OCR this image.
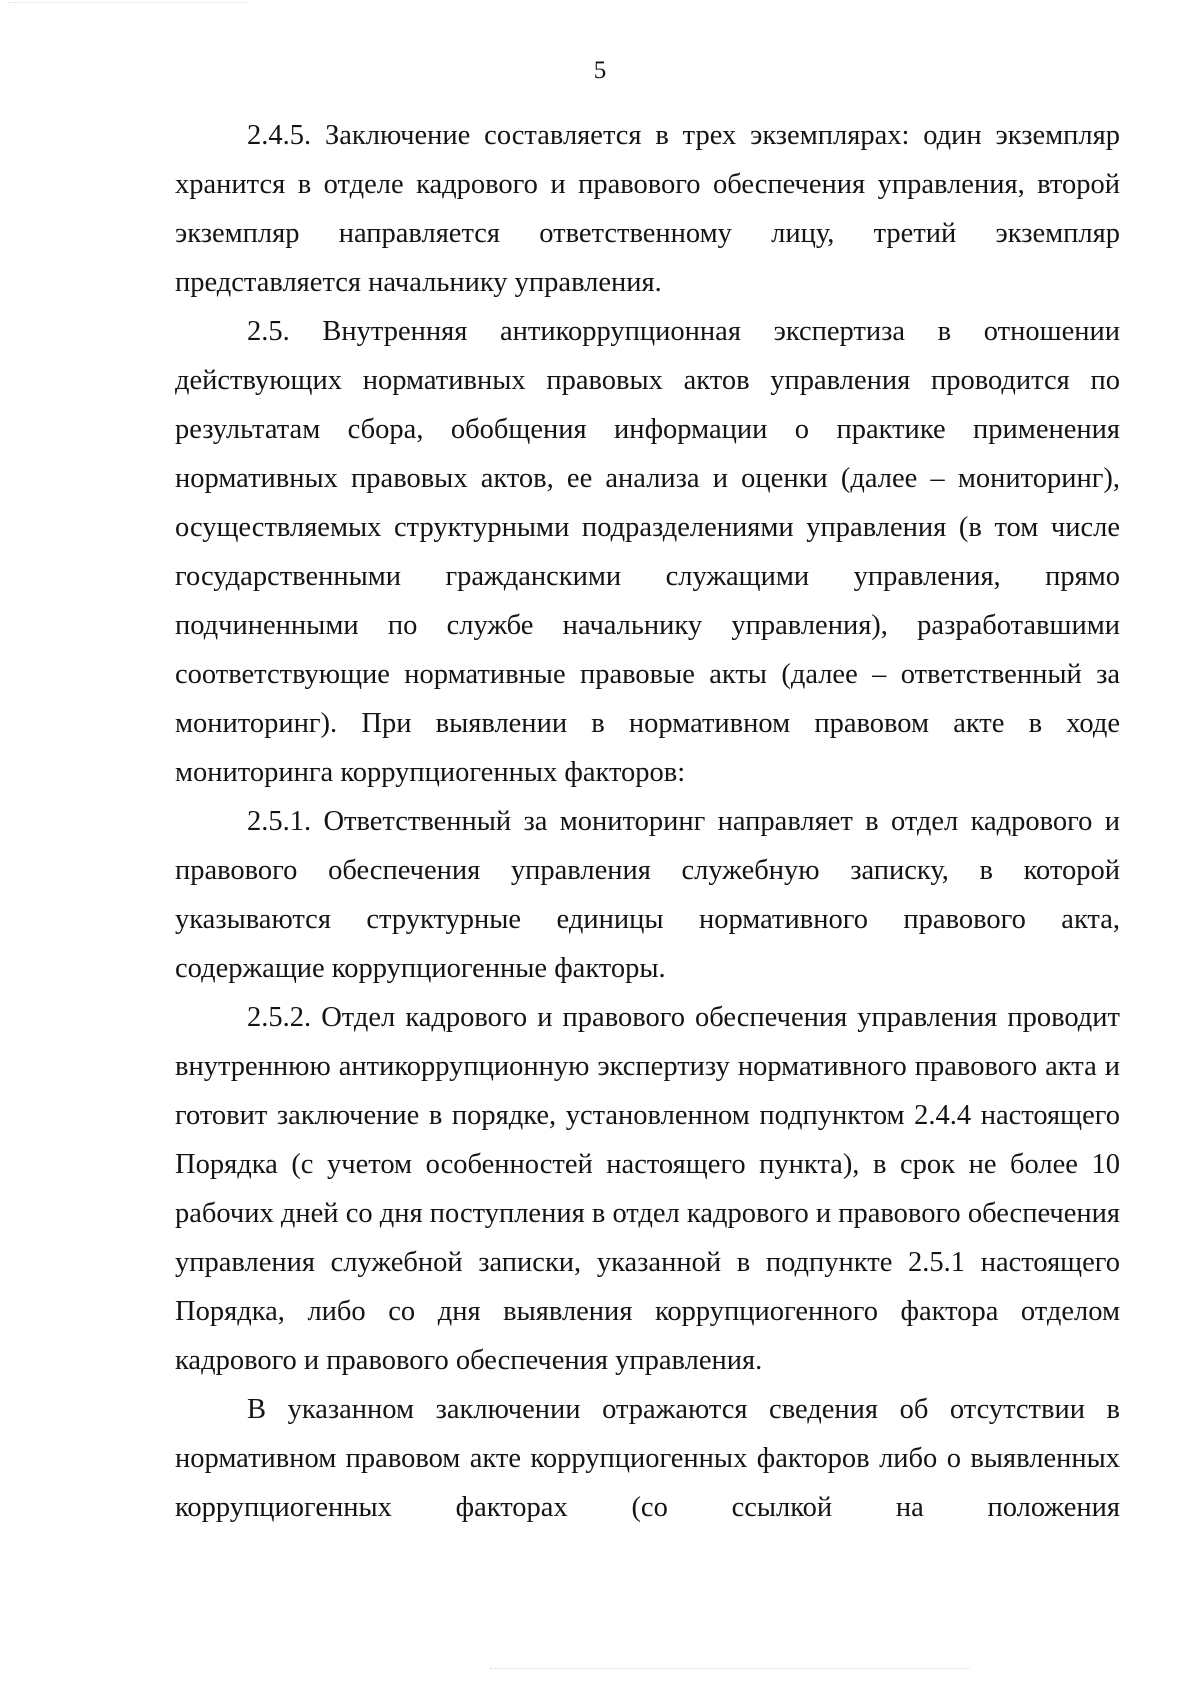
5

2.4.5. Заключение составляется в трех экземплярах: один экземпляр хранится в отделе кадрового и правового обеспечения управления, второй экземпляр направляется ответственному лицу, третий экземпляр представляется начальнику управления.

2.5. Внутренняя антикоррупционная экспертиза в отношении действующих нормативных правовых актов управления проводится по результатам сбора, обобщения информации о практике применения нормативных правовых актов, ее анализа и оценки (далее – мониторинг), осуществляемых структурными подразделениями управления (в том числе государственными гражданскими служащими управления, прямо подчиненными по службе начальнику управления), разработавшими соответствующие нормативные правовые акты (далее – ответственный за мониторинг). При выявлении в нормативном правовом акте в ходе мониторинга коррупциогенных факторов:

2.5.1. Ответственный за мониторинг направляет в отдел кадрового и правового обеспечения управления служебную записку, в которой указываются структурные единицы нормативного правового акта, содержащие коррупциогенные факторы.

2.5.2. Отдел кадрового и правового обеспечения управления проводит внутреннюю антикоррупционную экспертизу нормативного правового акта и готовит заключение в порядке, установленном подпунктом 2.4.4 настоящего Порядка (с учетом особенностей настоящего пункта), в срок не более 10 рабочих дней со дня поступления в отдел кадрового и правового обеспечения управления служебной записки, указанной в подпункте 2.5.1 настоящего Порядка, либо со дня выявления коррупциогенного фактора отделом кадрового и правового обеспечения управления.

В указанном заключении отражаются сведения об отсутствии в нормативном правовом акте коррупциогенных факторов либо о выявленных коррупциогенных факторах (со ссылкой на положения
